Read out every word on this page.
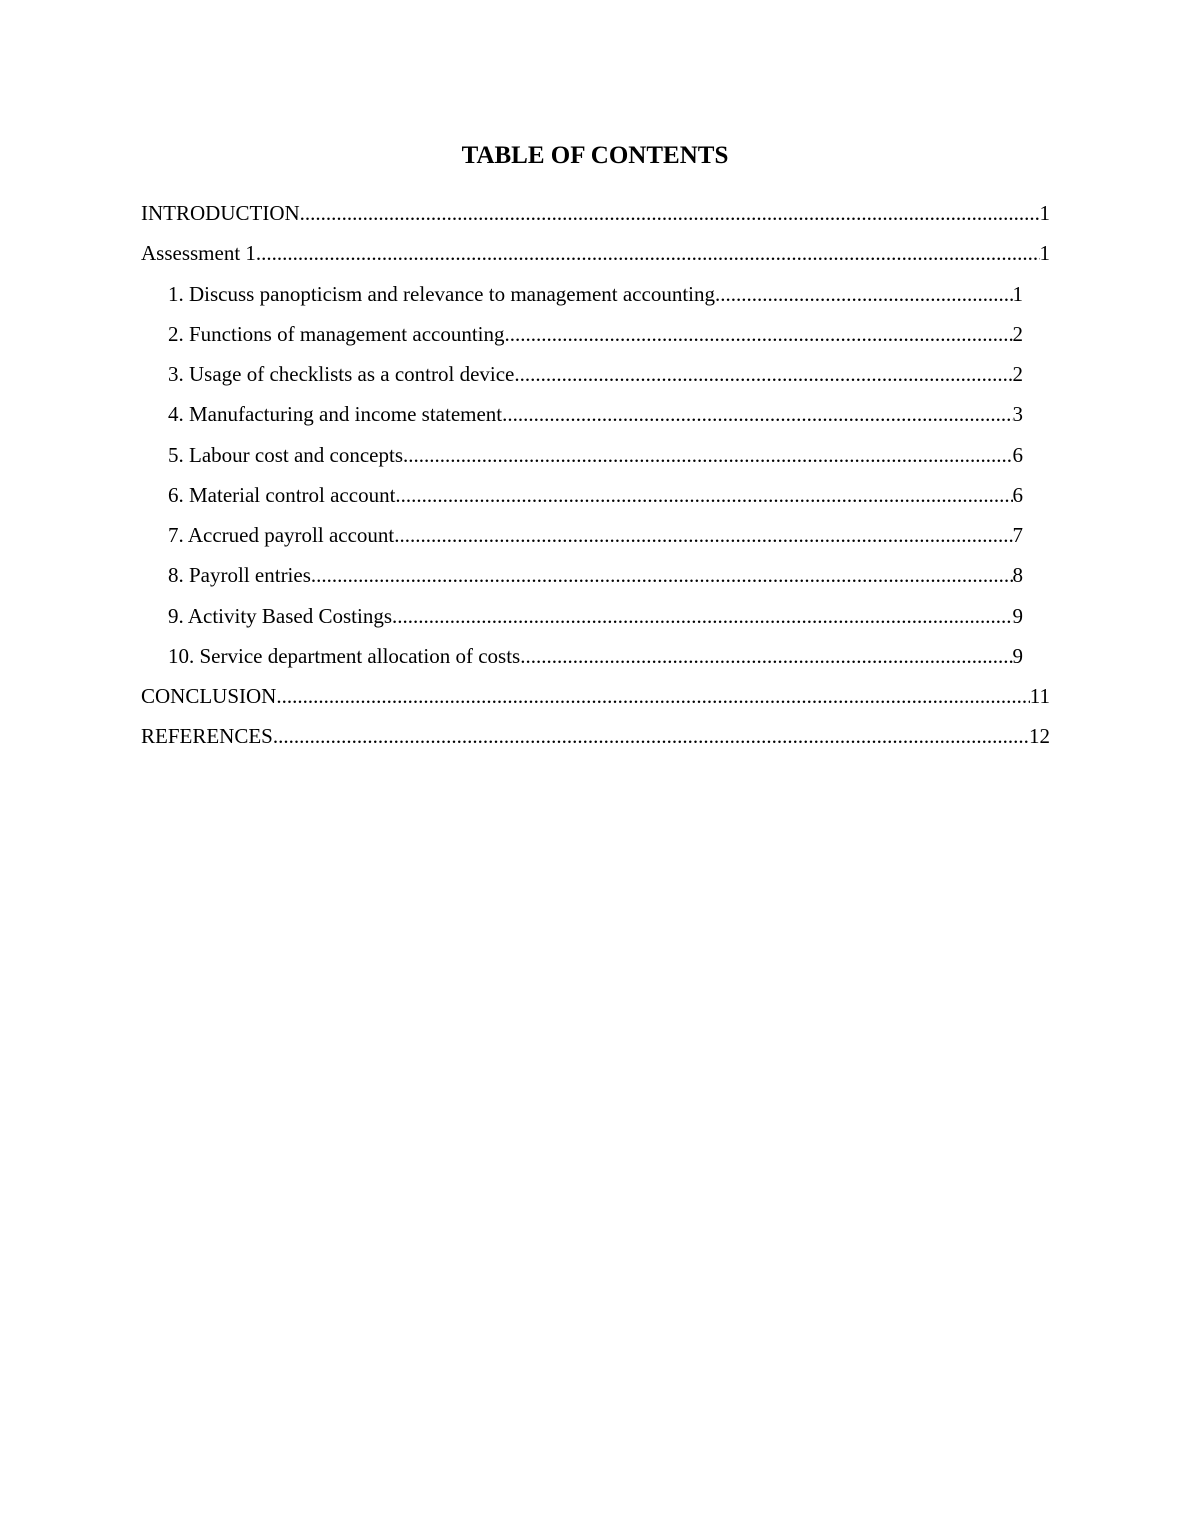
TABLE OF CONTENTS
INTRODUCTION .....	1
Assessment 1 .....	1
1. Discuss panopticism and relevance to management accounting .....	1
2. Functions of management accounting .....	2
3. Usage of checklists as a control device .....	2
4. Manufacturing and income statement .....	3
5. Labour cost and concepts .....	6
6. Material control account .....	6
7. Accrued payroll account .....	7
8. Payroll entries .....	8
9. Activity Based Costings .....	9
10. Service department allocation of costs .....	9
CONCLUSION .....	11
REFERENCES .....	12
